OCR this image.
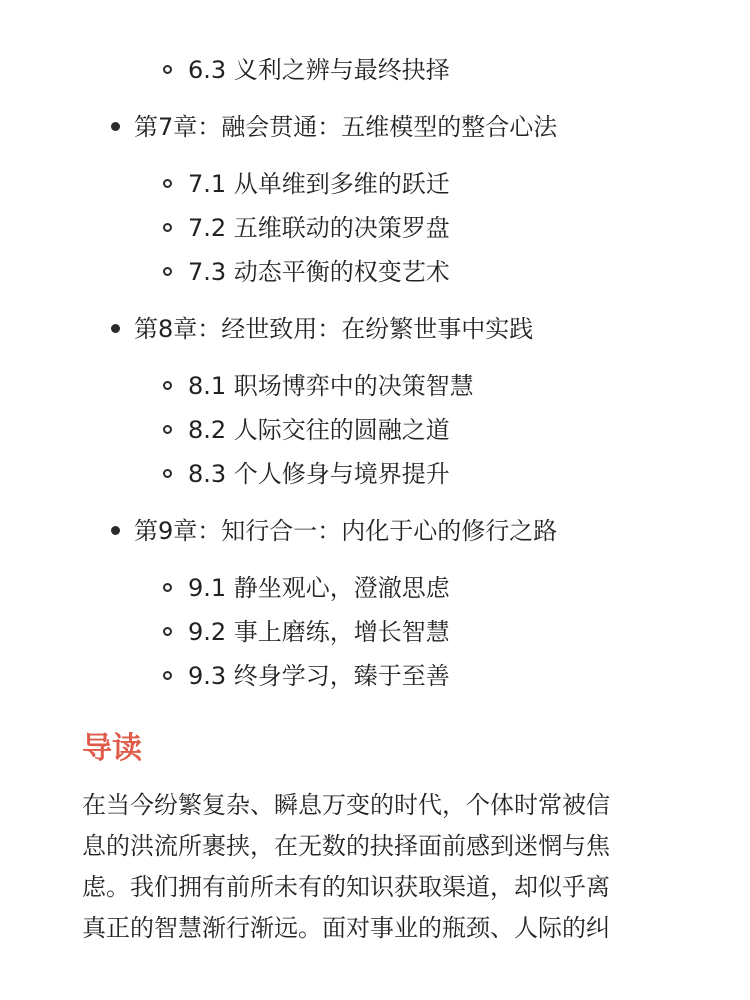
6.3 义利之辨与最终抉择
第7章：融会贯通：五维模型的整合心法
7.1 从单维到多维的跃迁
7.2 五维联动的决策罗盘
7.3 动态平衡的权变艺术
第8章：经世致用：在纷繁世事中实践
8.1 职场博弈中的决策智慧
8.2 人际交往的圆融之道
8.3 个人修身与境界提升
第9章：知行合一：内化于心的修行之路
9.1 静坐观心，澄澈思虑
9.2 事上磨练，增长智慧
9.3 终身学习，臻于至善
导读
在当今纷繁复杂、瞬息万变的时代，个体时常被信
息的洪流所裹挟，在无数的抉择面前感到迷惘与焦
虑。我们拥有前所未有的知识获取渠道，却似乎离
真正的智慧渐行渐远。面对事业的瓶颈、人际的纠
